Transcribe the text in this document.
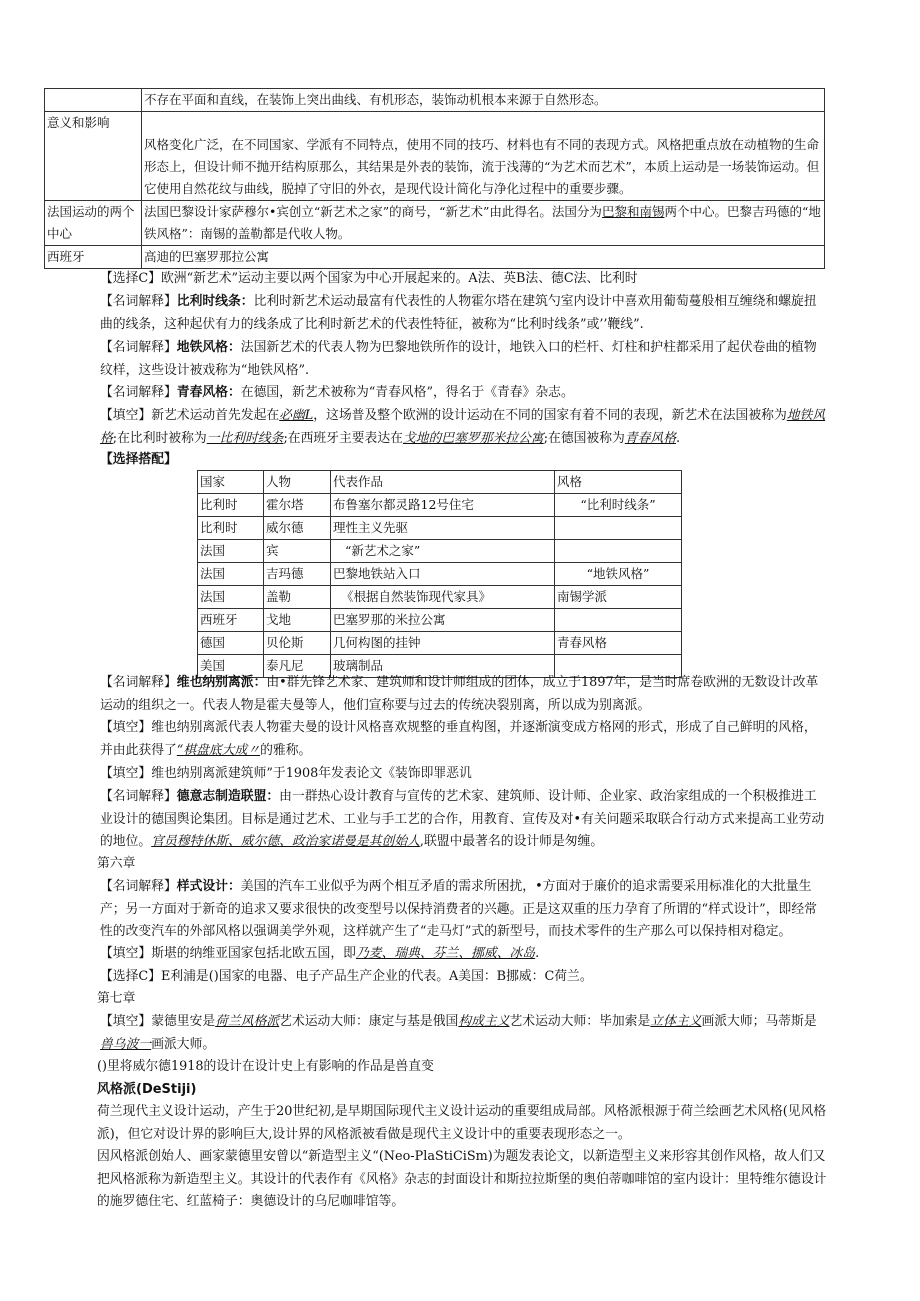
	不存在平面和直线，在装饰上突出曲线、有机形态，装饰动机根本来源于自然形态。
意义和影响	风格变化广泛，在不同国家、学派有不同特点，使用不同的技巧、材料也有不同的表现方式。风格把重点放在动植物的生命形态上，但设计师不抛开结构原那么，其结果是外表的装饰，流于浅薄的“为艺术而艺术”，本质上运动是一场装饰运动。但它使用自然花纹与曲线，脱掉了守旧的外衣，是现代设计简化与净化过程中的重要步骤。
法国运动的两个中心	法国巴黎设计家萨穆尔•宾创立“新艺术之家”的商号，“新艺术”由此得名。法国分为巴黎和南锡两个中心。巴黎吉玛德的“地铁风格”：南锡的盖勒都是代收人物。
西班牙	高迪的巴塞罗那拉公寓

【选择C】欧洲“新艺术”运动主要以两个国家为中心开展起来的。A法、英B法、德C法、比利时

【名词解释】比利时线条：比利时新艺术运动最富有代表性的人物霍尔塔在建筑勺室内设计中喜欢用葡萄蔓般相互缠绕和螺旋扭曲的线条，这种起伏有力的线条成了比利时新艺术的代表性特征，被称为“比利时线条”或’’鞭线”.

【名词解释】地铁风格：法国新艺术的代表人物为巴黎地铁所作的设计，地铁入口的栏杆、灯柱和护柱都采用了起伏卷曲的植物纹样，这些设计被戏称为“地铁风格”.

【名词解释】青春风格：在德国，新艺术被称为“青春风格”，得名于《青春》杂志。

【填空】新艺术运动首先发起在必幽L，这场普及整个欧洲的设计运动在不同的国家有着不同的表现，新艺术在法国被称为地铁风格;在比利时被称为一比利时线条;在西班牙主要表达在戈地的巴塞罗那米拉公寓;在德国被称为青春风格.

【选择搭配】

国家	人物	代表作品	风格
比利时	霍尔塔	布鲁塞尔都灵路12号住宅	“比利时线条”
比利时	威尔德	理性主义先驱	
法国	宾	“新艺术之家”	
法国	吉玛德	巴黎地铁站入口	“地铁风格”
法国	盖勒	《根据自然装饰现代家具》	南锡学派
西班牙	戈地	巴塞罗那的米拉公寓	
德国	贝伦斯	几何构图的挂钟	青春风格
美国	泰凡尼	玻璃制品	

【名词解释】维也纳别离派：由•群先锋艺术家、建筑师和设计师组成的团体，成立于1897年，是当时席卷欧洲的无数设计改革运动的组织之一。代表人物是霍夫曼等人，他们宣称要与过去的传统决裂别离，所以成为别离派。

【填空】维也纳别离派代表人物霍夫曼的设计风格喜欢规整的垂直构图，并逐渐演变成方格网的形式，形成了自己鲜明的风格，并由此获得了“棋盘底大成〃的雅称。

【填空】维也纳别离派建筑师”于1908年发表论文《装饰即罪恶讥

【名词解释】德意志制造联盟：由一群热心设计教育与宣传的艺术家、建筑师、设计师、企业家、政治家组成的一个积极推进工业设计的德国舆论集团。目标是通过艺术、工业与手工艺的合作，用教育、宣传及对•有关问题采取联合行动方式来提高工业劳动的地位。官员穆特休斯、威尔德、政治家诺曼是其创始人,联盟中最著名的设计师是匆缠。

第六章

【名词解释】样式设计：美国的汽车工业似乎为两个相互矛盾的需求所困扰，•方面对于廉价的追求需要采用标准化的大批量生产；另一方面对于新奇的追求又要求很快的改变型号以保持消费者的兴趣。正是这双重的压力孕育了所谓的“样式设计”，即经常性的改变汽车的外部风格以强调美学外观，这样就产生了“走马灯”式的新型号，而技术零件的生产那么可以保持相对稳定。

【填空】斯堪的纳维亚国家包括北欧五国，即乃麦、瑞典、芬兰、挪威、冰岛.

【选择C】E利浦是()国家的电器、电子产品生产企业的代表。A美国：B挪威：C荷兰。

第七章

【填空】蒙德里安是荷兰风格派艺术运动大师：康定与基是俄国构成主义艺术运动大师：毕加索是立体主义画派大师；马蒂斯是兽乌波一画派大师。

()里将威尔德1918的设计在设计史上有影响的作品是兽直变

风格派(DeStiji)

荷兰现代主义设计运动，产生于20世纪初,是早期国际现代主义设计运动的重要组成局部。风格派根源于荷兰绘画艺术风格(见风格派)，但它对设计界的影响巨大,设计界的风格派被看做是现代主义设计中的重要表现形态之一。

因风格派创始人、画家蒙德里安曾以“新造型主义“(Neo-PlaStiCiSm)为题发表论文，以新造型主义来形容其创作风格，故人们又把风格派称为新造型主义。其设计的代表作有《风格》杂志的封面设计和斯拉拉斯堡的奥伯蒂咖啡馆的室内设计：里特维尔德设计的施罗德住宅、红蓝椅子：奥德设计的乌尼咖啡馆等。
